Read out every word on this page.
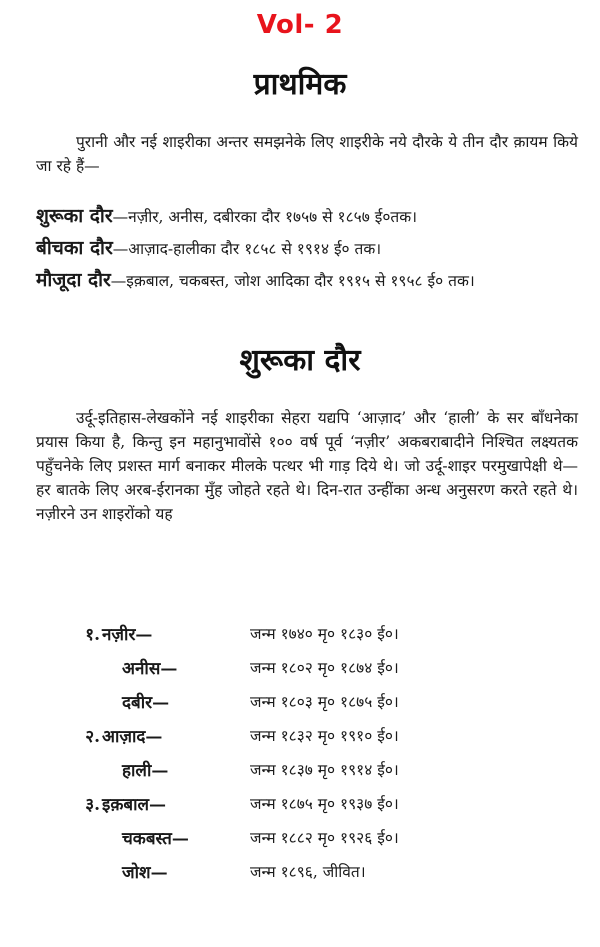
Vol- 2
प्राथमिक
पुरानी और नई शाइरीका अन्तर समझनेके लिए शाइरीके नये दौरके ये तीन दौर क़ायम किये जा रहे हैं—
शुरूका दौर—नज़ीर, अनीस, दबीरका दौर १७५७ से १८५७ ई०तक।
बीचका दौर—आज़ाद-हालीका दौर १८५८ से १९१४ ई० तक।
मौजूदा दौर—इक़बाल, चकबस्त, जोश आदिका दौर १९१५ से १९५८ ई० तक।
शुरूका दौर
उर्दू-इतिहास-लेखकोंने नई शाइरीका सेहरा यद्यपि ‘आज़ाद’ और ‘हाली’ के सर बाँधनेका प्रयास किया है, किन्तु इन महानुभावोंसे १०० वर्ष पूर्व ‘नज़ीर’ अकबराबादीने निश्चित लक्ष्यतक पहुँचनेके लिए प्रशस्त मार्ग बनाकर मीलके पत्थर भी गाड़ दिये थे। जो उर्दू-शाइर परमुखापेक्षी थे—हर बातके लिए अरब-ईरानका मुँह जोहते रहते थे। दिन-रात उन्हींका अन्ध अनुसरण करते रहते थे। नज़ीरने उन शाइरोंको यह
१. नज़ीर—	जन्म १७४० मृ० १८३० ई०।
अनीस—	जन्म १८०२ मृ० १८७४ ई०।
दबीर—	जन्म १८०३ मृ० १८७५ ई०।
२. आज़ाद—	जन्म १८३२ मृ० १९१० ई०।
हाली—	जन्म १८३७ मृ० १९१४ ई०।
३. इक़बाल—	जन्म १८७५ मृ० १९३७ ई०।
चकबस्त—	जन्म १८८२ मृ० १९२६ ई०।
जोश—	जन्म १८९६, जीवित।
